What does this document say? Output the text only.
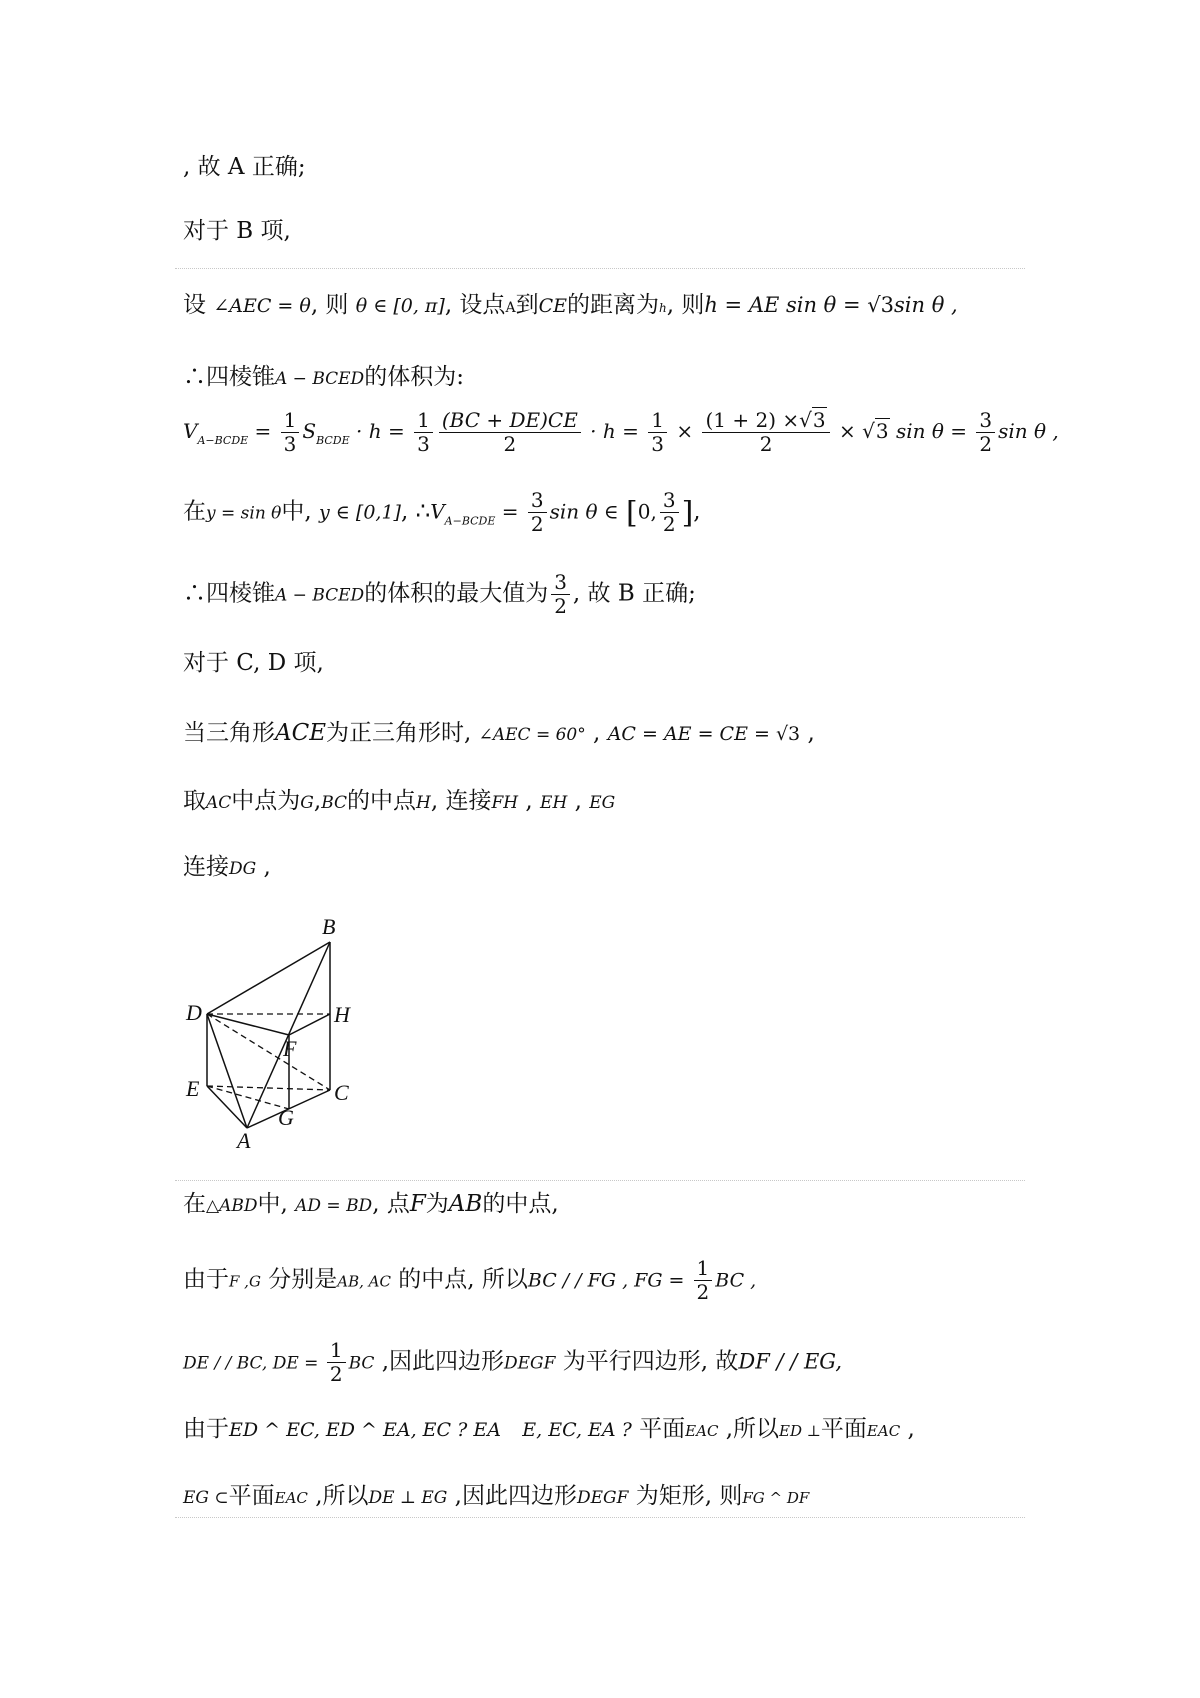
, 故 A 正确;
对于 B 项,
设 ∠AEC = θ, 则 θ ∈ [0, π], 设点A到CE的距离为h, 则h = AE sin θ = √3sin θ ,
∴四棱锥A − BCED的体积为:
$V_{A-BCDE} = \frac{1}{3} S_{BCDE} \cdot h = \frac{1}{3} \frac{(BC + DE)CE}{2} \cdot h = \frac{1}{3} \times \frac{(1 + 2) \times√3}{2} \times √3$ $\sin \theta = \frac{3}{2}$ sin θ ,
在y = sin θ中, y ∈ [0,1], $\therefore V_{A-BCDE} = \frac{3}{2}$ sin θ ∈ [0, $\frac{3}{2}$ ],
∴四棱锥A − BCED的体积的最大值为 $\frac{3}{2}$ , 故 B 正确;
对于 C, D 项,
当三角形ACE为正三角形时, ∠AEC = 60° , AC = AE = CE = √3 ,
取AC中点为G,BC的中点H, 连接FH , EH , EG
连接DG ,
B
D	H
F
E	C
G
A
在△ABD中, AD = BD, 点F为AB的中点,
由于F ,G 分别是AB, AC 的中点, 所以BC / / FG , FG = $\frac{1}{2}$ BC ,
DE / / BC, DE = $\frac{1}{2}$ BC ,因此四边形DEGF 为平行四边形, 故DF / / EG,
由于ED ^ EC, ED ^ EA, EC ? EA E, EC, EA ? 平面EAC ,所以ED ⊥平面EAC ,
EG ⊂平面EAC ,所以DE ⊥ EG ,因此四边形DEGF 为矩形, 则FG ^ DF
